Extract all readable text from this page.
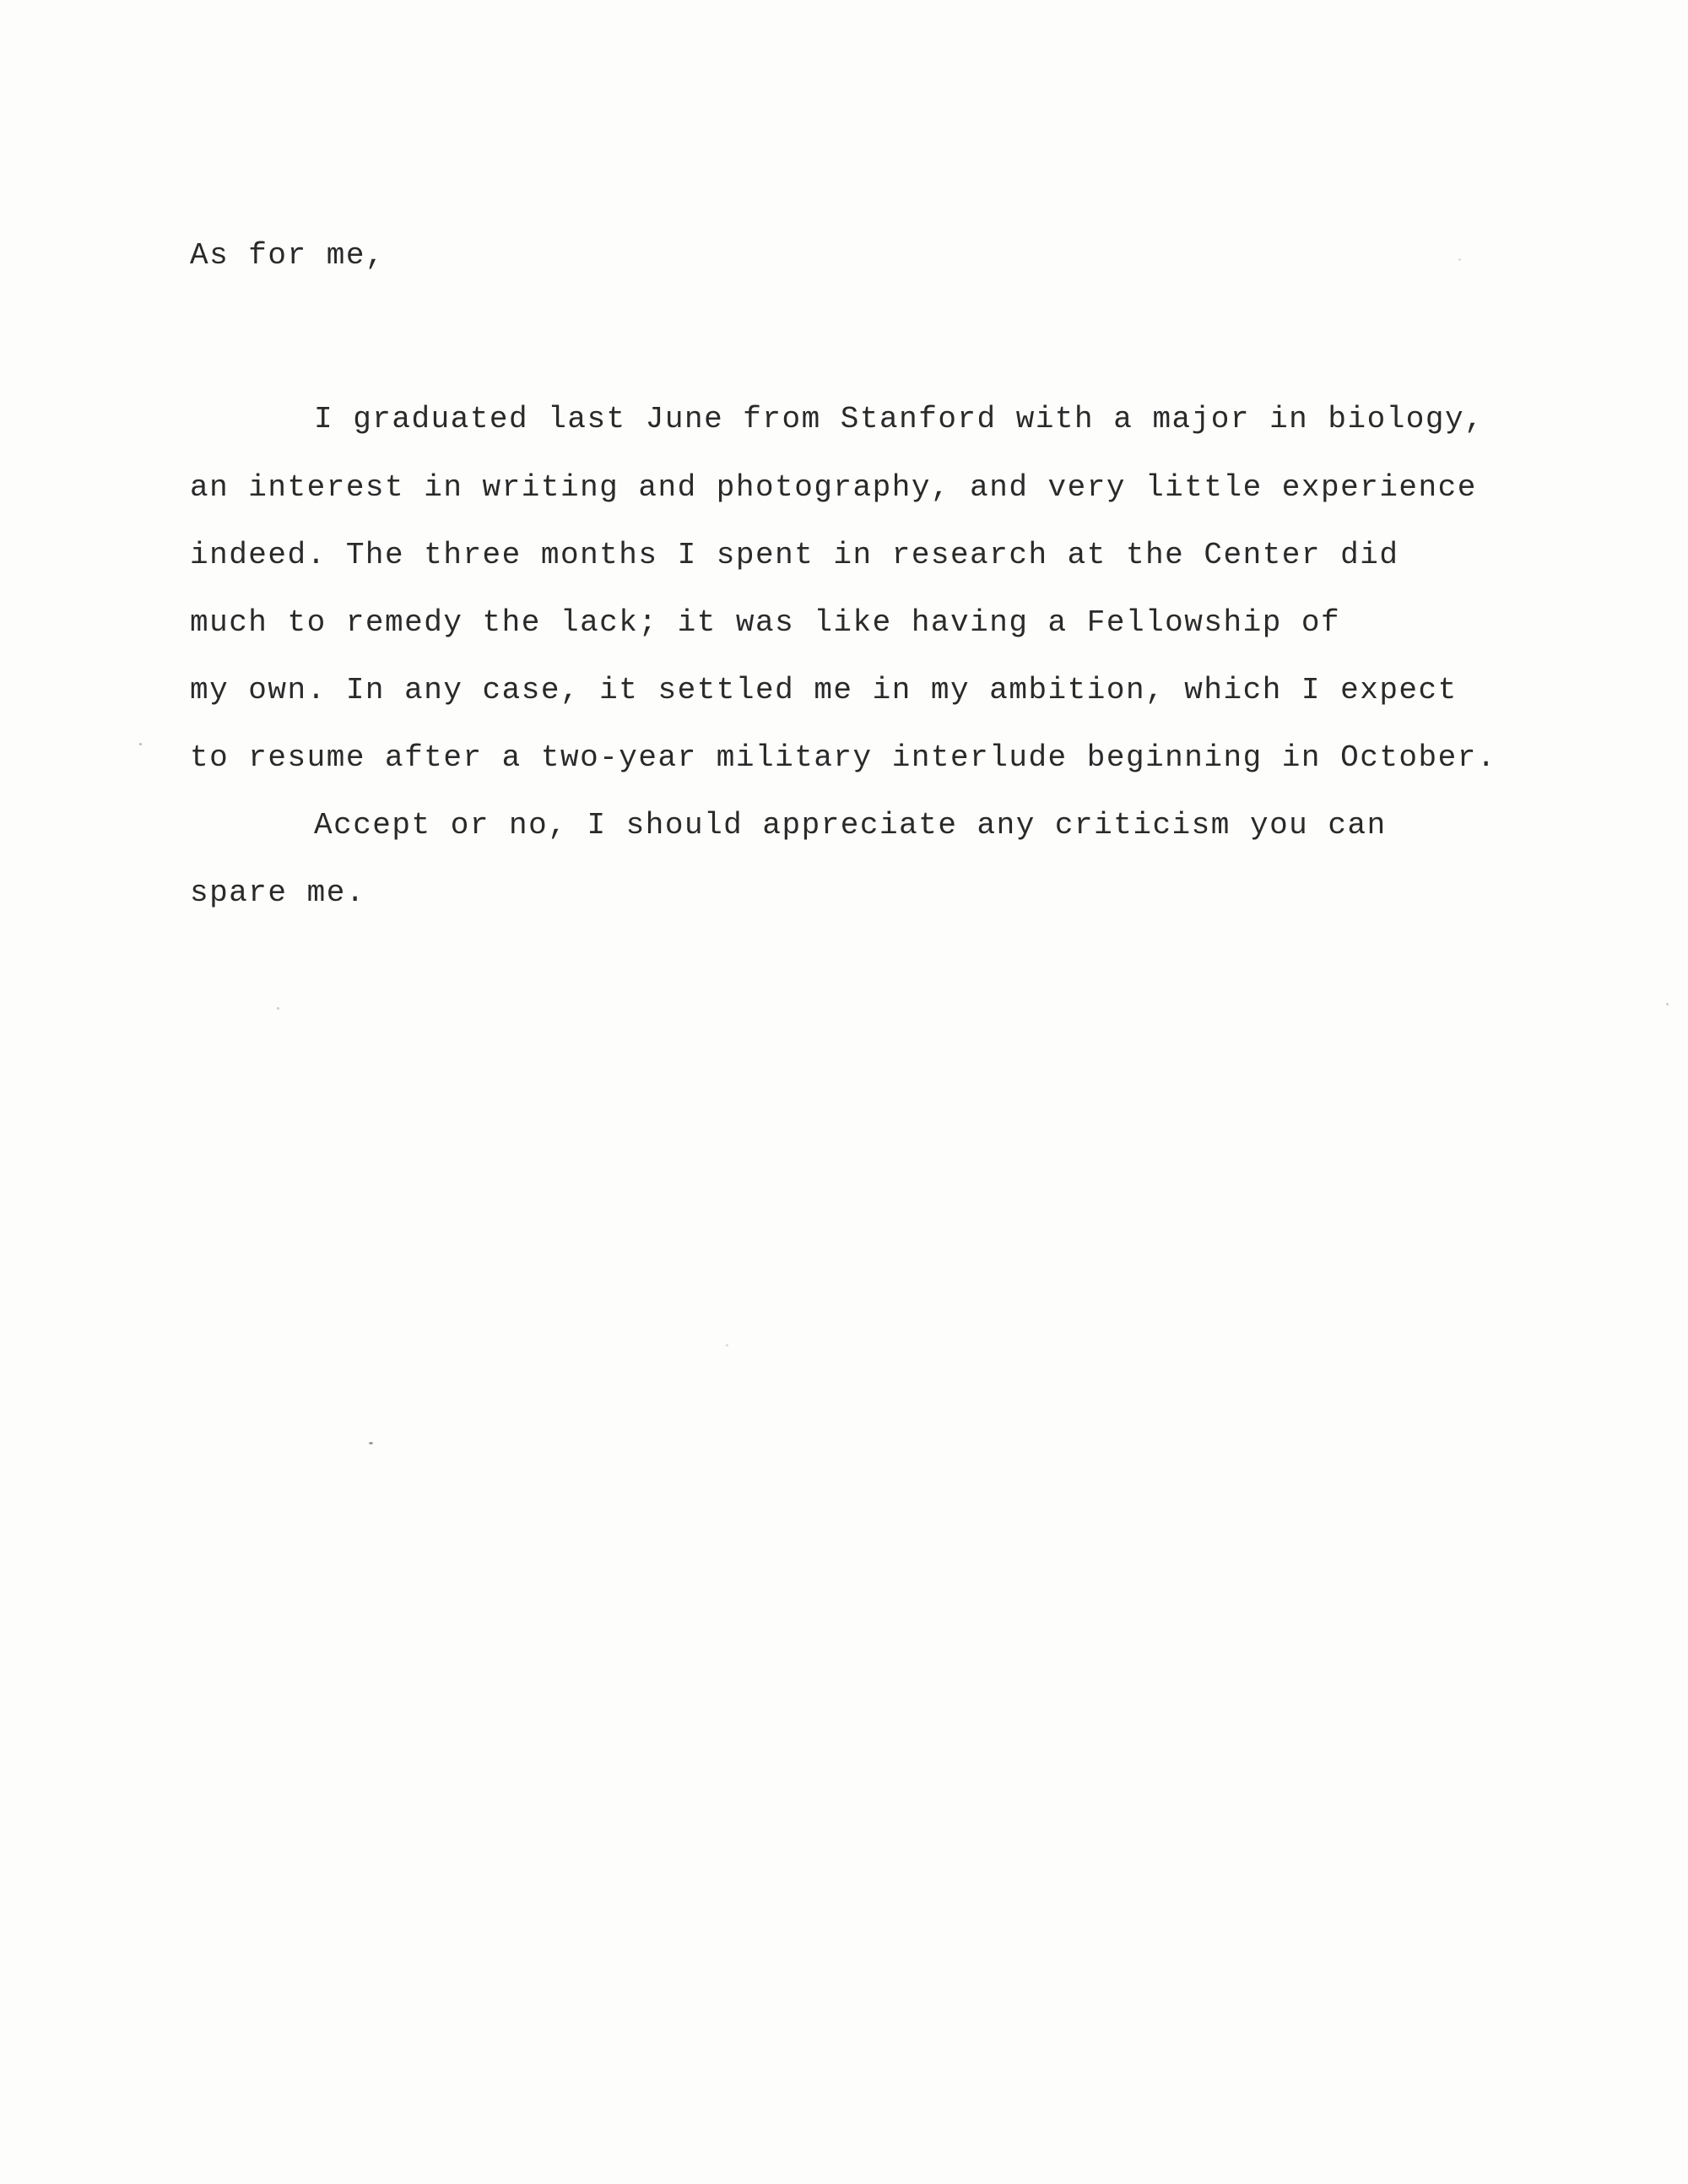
As for me,
I graduated last June from Stanford with a major in biology,
an interest in writing and photography, and very little experience
indeed. The three months I spent in research at the Center did
much to remedy the lack; it was like having a Fellowship of
my own. In any case, it settled me in my ambition, which I expect
to resume after a two-year military interlude beginning in October.
Accept or no, I should appreciate any criticism you can
spare me.
